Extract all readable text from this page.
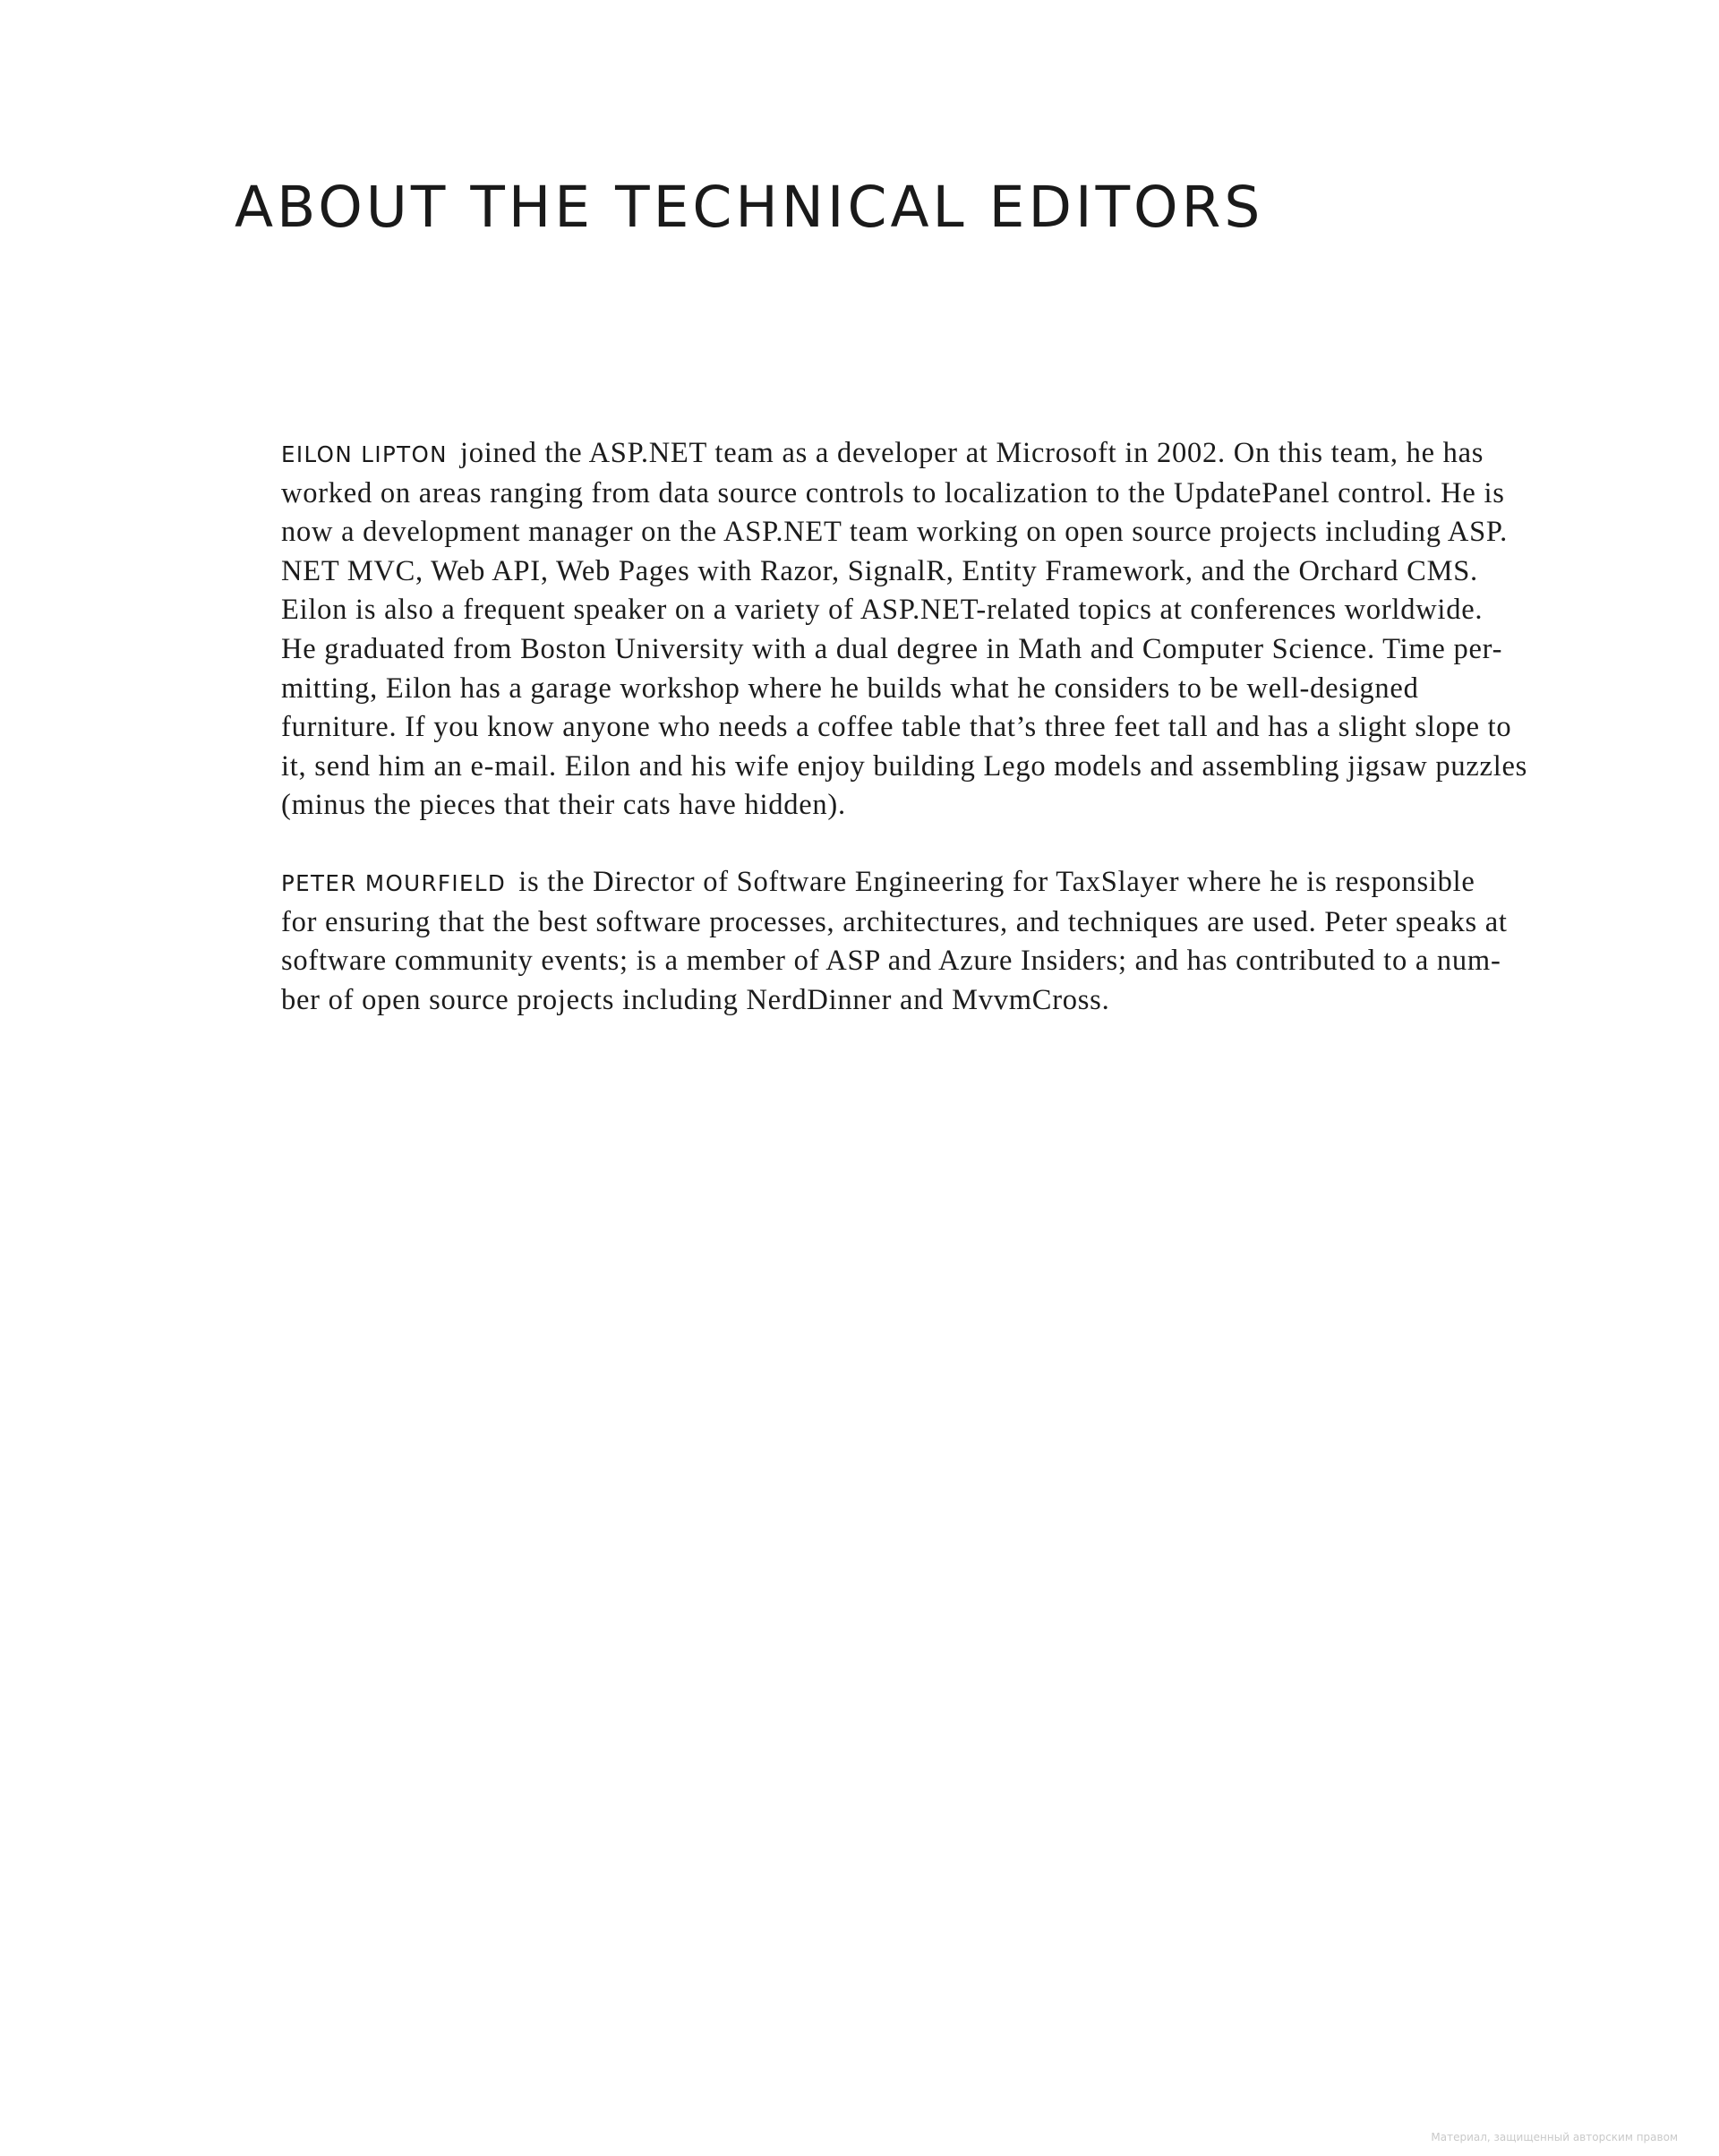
ABOUT THE TECHNICAL EDITORS

EILON LIPTON joined the ASP.NET team as a developer at Microsoft in 2002. On this team, he has
worked on areas ranging from data source controls to localization to the UpdatePanel control. He is
now a development manager on the ASP.NET team working on open source projects including ASP.
NET MVC, Web API, Web Pages with Razor, SignalR, Entity Framework, and the Orchard CMS.
Eilon is also a frequent speaker on a variety of ASP.NET-related topics at conferences worldwide.
He graduated from Boston University with a dual degree in Math and Computer Science. Time per-
mitting, Eilon has a garage workshop where he builds what he considers to be well-designed
furniture. If you know anyone who needs a coffee table that’s three feet tall and has a slight slope to
it, send him an e-mail. Eilon and his wife enjoy building Lego models and assembling jigsaw puzzles
(minus the pieces that their cats have hidden).

PETER MOURFIELD is the Director of Software Engineering for TaxSlayer where he is responsible
for ensuring that the best software processes, architectures, and techniques are used. Peter speaks at
software community events; is a member of ASP and Azure Insiders; and has contributed to a num-
ber of open source projects including NerdDinner and MvvmCross.

Материал, защищенный авторским правом
